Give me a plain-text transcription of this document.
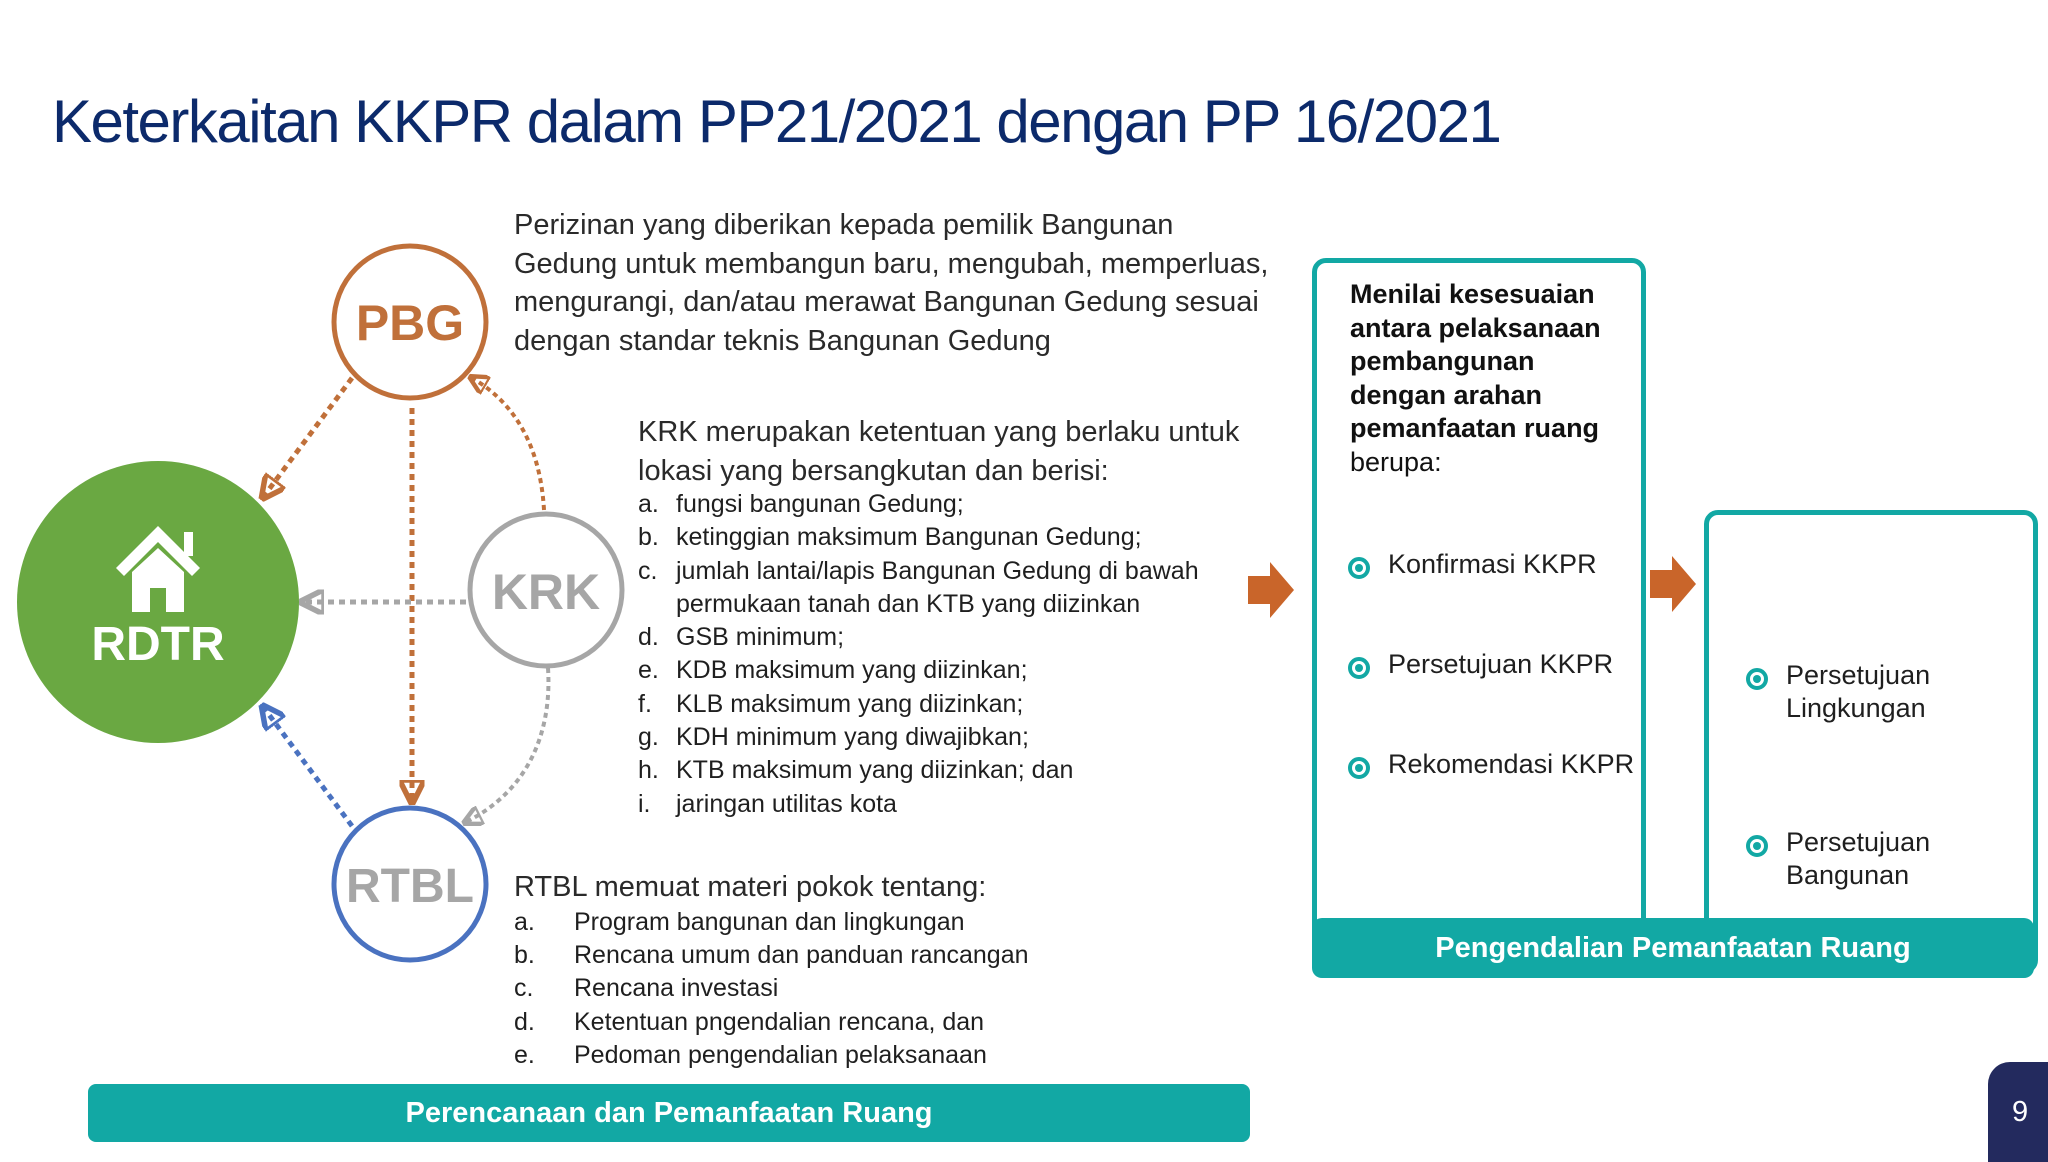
Keterkaitan KKPR dalam PP21/2021 dengan PP 16/2021
PBG
KRK
RDTR
RTBL
Perizinan yang diberikan kepada pemilik Bangunan Gedung untuk membangun baru, mengubah, memperluas, mengurangi, dan/atau merawat Bangunan Gedung sesuai dengan standar teknis Bangunan Gedung
KRK merupakan ketentuan yang berlaku untuk lokasi yang bersangkutan dan berisi:
a. fungsi bangunan Gedung;
b. ketinggian maksimum Bangunan Gedung;
c. jumlah lantai/lapis Bangunan Gedung di bawah permukaan tanah dan KTB yang diizinkan
d. GSB minimum;
e. KDB maksimum yang diizinkan;
f. KLB maksimum yang diizinkan;
g. KDH minimum yang diwajibkan;
h. KTB maksimum yang diizinkan; dan
i. jaringan utilitas kota
RTBL memuat materi pokok tentang:
a. Program bangunan dan lingkungan
b. Rencana umum dan panduan rancangan
c. Rencana investasi
d. Ketentuan pngendalian rencana, dan
e. Pedoman pengendalian pelaksanaan
Perencanaan dan Pemanfaatan Ruang
Menilai kesesuaian antara pelaksanaan pembangunan dengan arahan pemanfaatan ruang berupa:
Konfirmasi KKPR
Persetujuan KKPR
Rekomendasi KKPR
Persetujuan Lingkungan
Persetujuan Bangunan
Pengendalian Pemanfaatan Ruang
9
